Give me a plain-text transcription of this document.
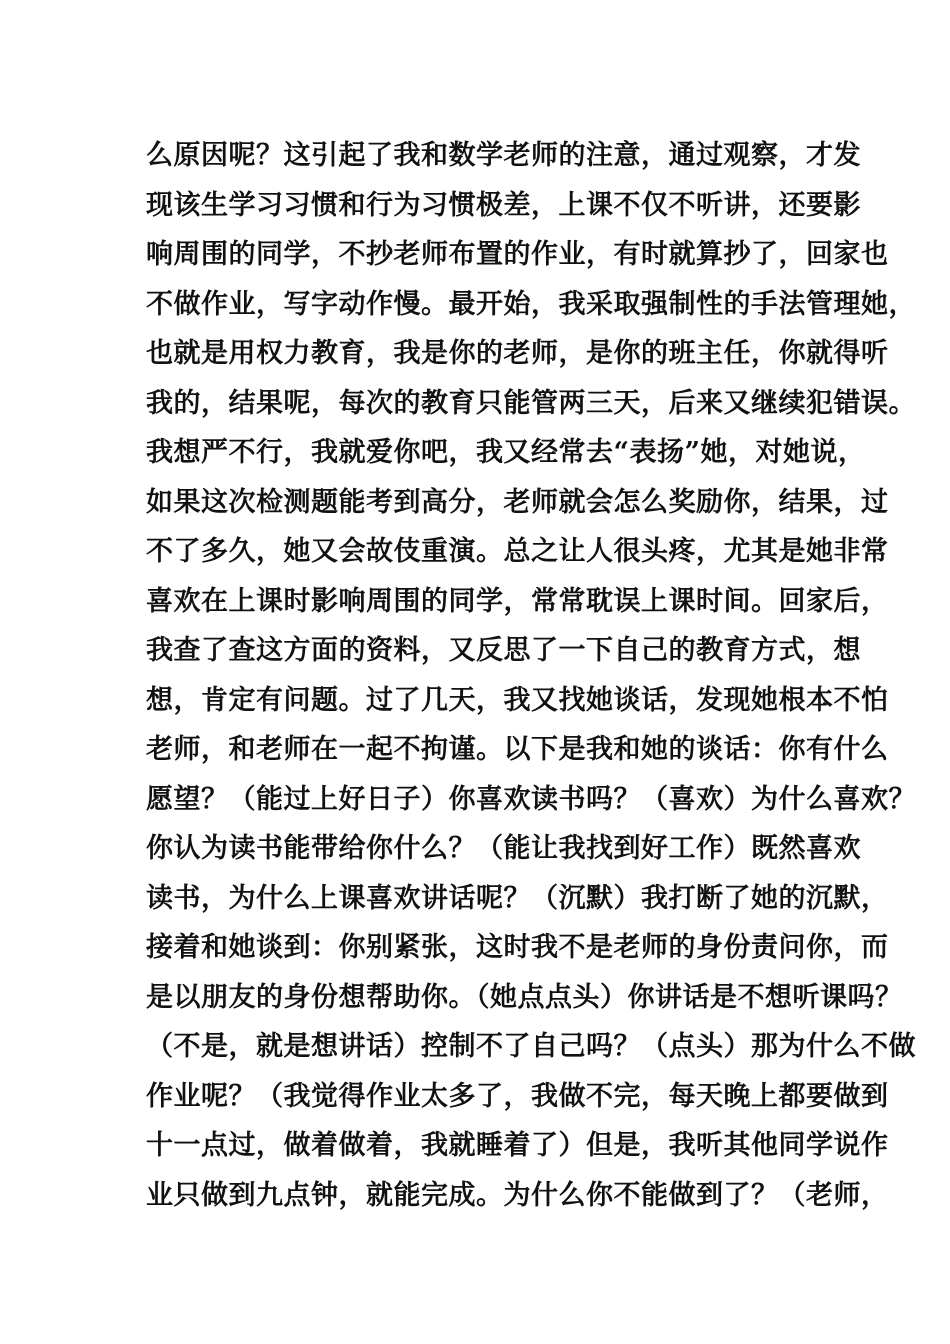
么原因呢？这引起了我和数学老师的注意，通过观察，才发
现该生学习习惯和行为习惯极差，上课不仅不听讲，还要影
响周围的同学，不抄老师布置的作业，有时就算抄了，回家也
不做作业，写字动作慢。最开始，我采取强制性的手法管理她，
也就是用权力教育，我是你的老师，是你的班主任，你就得听
我的，结果呢，每次的教育只能管两三天，后来又继续犯错误。
我想严不行，我就爱你吧，我又经常去“表扬”她，对她说，
如果这次检测题能考到高分，老师就会怎么奖励你，结果，过
不了多久，她又会故伎重演。总之让人很头疼，尤其是她非常
喜欢在上课时影响周围的同学，常常耽误上课时间。回家后，
我查了查这方面的资料，又反思了一下自己的教育方式，想
想，肯定有问题。过了几天，我又找她谈话，发现她根本不怕
老师，和老师在一起不拘谨。以下是我和她的谈话：你有什么
愿望？（能过上好日子）你喜欢读书吗？（喜欢）为什么喜欢？
你认为读书能带给你什么？（能让我找到好工作）既然喜欢
读书，为什么上课喜欢讲话呢？（沉默）我打断了她的沉默，
接着和她谈到：你别紧张，这时我不是老师的身份责问你，而
是以朋友的身份想帮助你。（她点点头）你讲话是不想听课吗？
（不是，就是想讲话）控制不了自己吗？（点头）那为什么不做
作业呢？（我觉得作业太多了，我做不完，每天晚上都要做到
十一点过，做着做着，我就睡着了）但是，我听其他同学说作
业只做到九点钟，就能完成。为什么你不能做到了？（老师，
